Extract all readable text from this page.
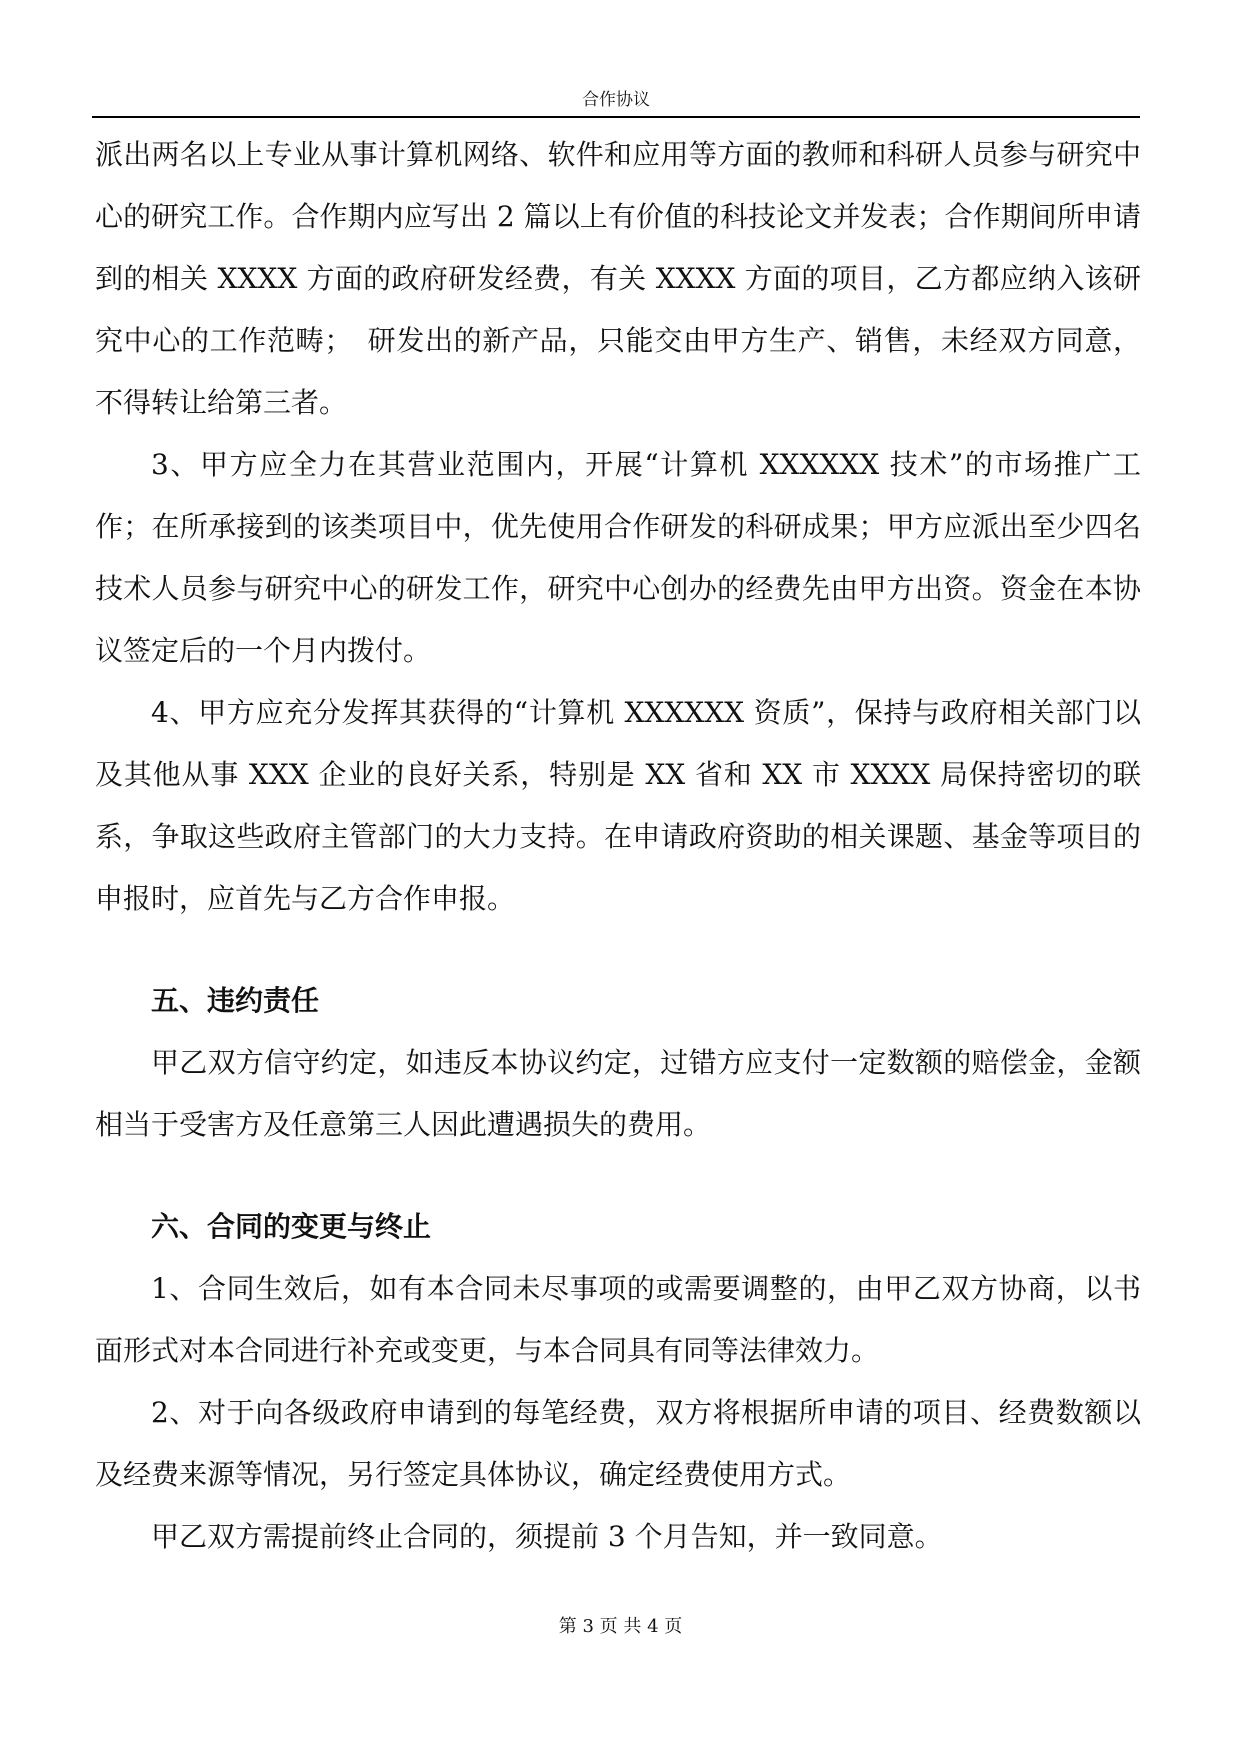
合作协议

派出两名以上专业从事计算机网络、软件和应用等方面的教师和科研人员参与研究中心的研究工作。合作期内应写出 2 篇以上有价值的科技论文并发表；合作期间所申请到的相关 XXXX 方面的政府研发经费，有关 XXXX 方面的项目，乙方都应纳入该研究中心的工作范畴；　研发出的新产品，只能交由甲方生产、销售，未经双方同意，不得转让给第三者。

3、甲方应全力在其营业范围内，开展“计算机 XXXXXX 技术”的市场推广工作；在所承接到的该类项目中，优先使用合作研发的科研成果；甲方应派出至少四名技术人员参与研究中心的研发工作，研究中心创办的经费先由甲方出资。资金在本协议签定后的一个月内拨付。

4、甲方应充分发挥其获得的“计算机 XXXXXX 资质”，保持与政府相关部门以及其他从事 XXX 企业的良好关系，特别是 XX 省和 XX 市 XXXX 局保持密切的联系，争取这些政府主管部门的大力支持。在申请政府资助的相关课题、基金等项目的申报时，应首先与乙方合作申报。

五、违约责任

甲乙双方信守约定，如违反本协议约定，过错方应支付一定数额的赔偿金，金额相当于受害方及任意第三人因此遭遇损失的费用。

六、合同的变更与终止

1、合同生效后，如有本合同未尽事项的或需要调整的，由甲乙双方协商，以书面形式对本合同进行补充或变更，与本合同具有同等法律效力。

2、对于向各级政府申请到的每笔经费，双方将根据所申请的项目、经费数额以及经费来源等情况，另行签定具体协议，确定经费使用方式。

甲乙双方需提前终止合同的，须提前 3 个月告知，并一致同意。

第 3 页 共 4 页
